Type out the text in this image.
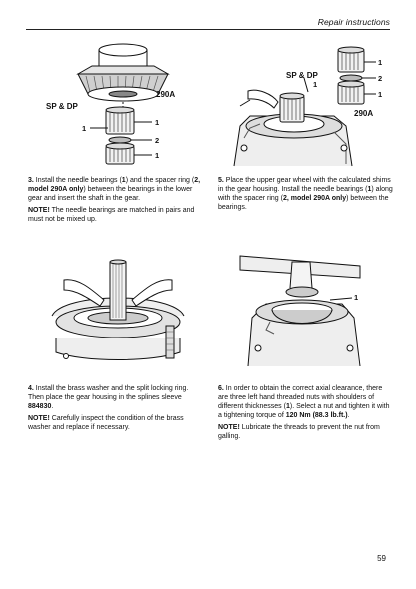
Repair instructions
SP & DP
290A
1
1
2
1
SP & DP
290A
1
1
2
1

3. Install the needle bearings (1) and the spacer ring (2, model 290A only) between the bearings in the lower gear and insert the shaft in the gear.

NOTE! The needle bearings are matched in pairs and must not be mixed up.

5. Place the upper gear wheel with the calculated shims in the gear housing. Install the needle bearings (1) along with the spacer ring (2, model 290A only) between the bearings.

1

4. Install the brass washer and the split locking ring. Then place the gear housing in the splines sleeve 884830.

NOTE! Carefully inspect the condition of the brass washer and replace if necessary.

6. In order to obtain the correct axial clearance, there are three left hand threaded nuts with shoulders of different thicknesses (1). Select a nut and tighten it with a tightening torque of 120 Nm (88.3 lb.ft.).

NOTE! Lubricate the threads to prevent the nut from galling.

59
